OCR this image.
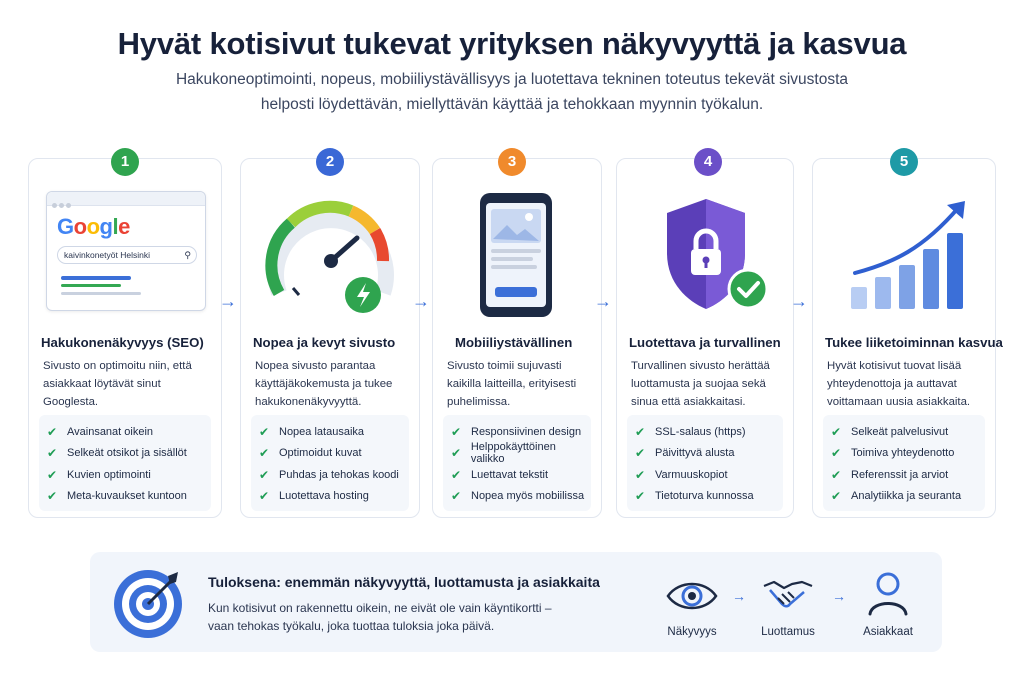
Hyvät kotisivut tukevat yrityksen näkyvyyttä ja kasvua
Hakukoneoptimointi, nopeus, mobiiliystävällisyys ja luotettava tekninen toteutus tekevät sivustosta
helposti löydettävän, miellyttävän käyttää ja tehokkaan myynnin työkalun.
Google
kaivinkonetyöt Helsinki	⚲
Hakukonenäkyvyys (SEO)
Sivusto on optimoitu niin, että asiakkaat löytävät sinut Googlesta.
✔ Avainsanat oikein
✔ Selkeät otsikot ja sisällöt
✔ Kuvien optimointi
✔ Meta-kuvaukset kuntoon
1
→
Nopea ja kevyt sivusto
Nopea sivusto parantaa käyttäjäkokemusta ja tukee hakukonenäkyvyyttä.
✔ Nopea latausaika
✔ Optimoidut kuvat
✔ Puhdas ja tehokas koodi
✔ Luotettava hosting
2
→
Mobiiliystävällinen
Sivusto toimii sujuvasti kaikilla laitteilla, erityisesti puhelimissa.
✔ Responsiivinen design
✔ Helppokäyttöinen valikko
✔ Luettavat tekstit
✔ Nopea myös mobiilissa
3
→
Luotettava ja turvallinen
Turvallinen sivusto herättää luottamusta ja suojaa sekä sinua että asiakkaitasi.
✔ SSL-salaus (https)
✔ Päivittyvä alusta
✔ Varmuuskopiot
✔ Tietoturva kunnossa
4
→
Tukee liiketoiminnan kasvua
Hyvät kotisivut tuovat lisää yhteydenottoja ja auttavat voittamaan uusia asiakkaita.
✔ Selkeät palvelusivut
✔ Toimiva yhteydenotto
✔ Referenssit ja arviot
✔ Analytiikka ja seuranta
5
Tuloksena: enemmän näkyvyyttä, luottamusta ja asiakkaita
Kun kotisivut on rakennettu oikein, ne eivät ole vain käyntikortti –
vaan tehokas työkalu, joka tuottaa tuloksia joka päivä.	Näkyvyys
→
Luottamus
→
Asiakkaat
